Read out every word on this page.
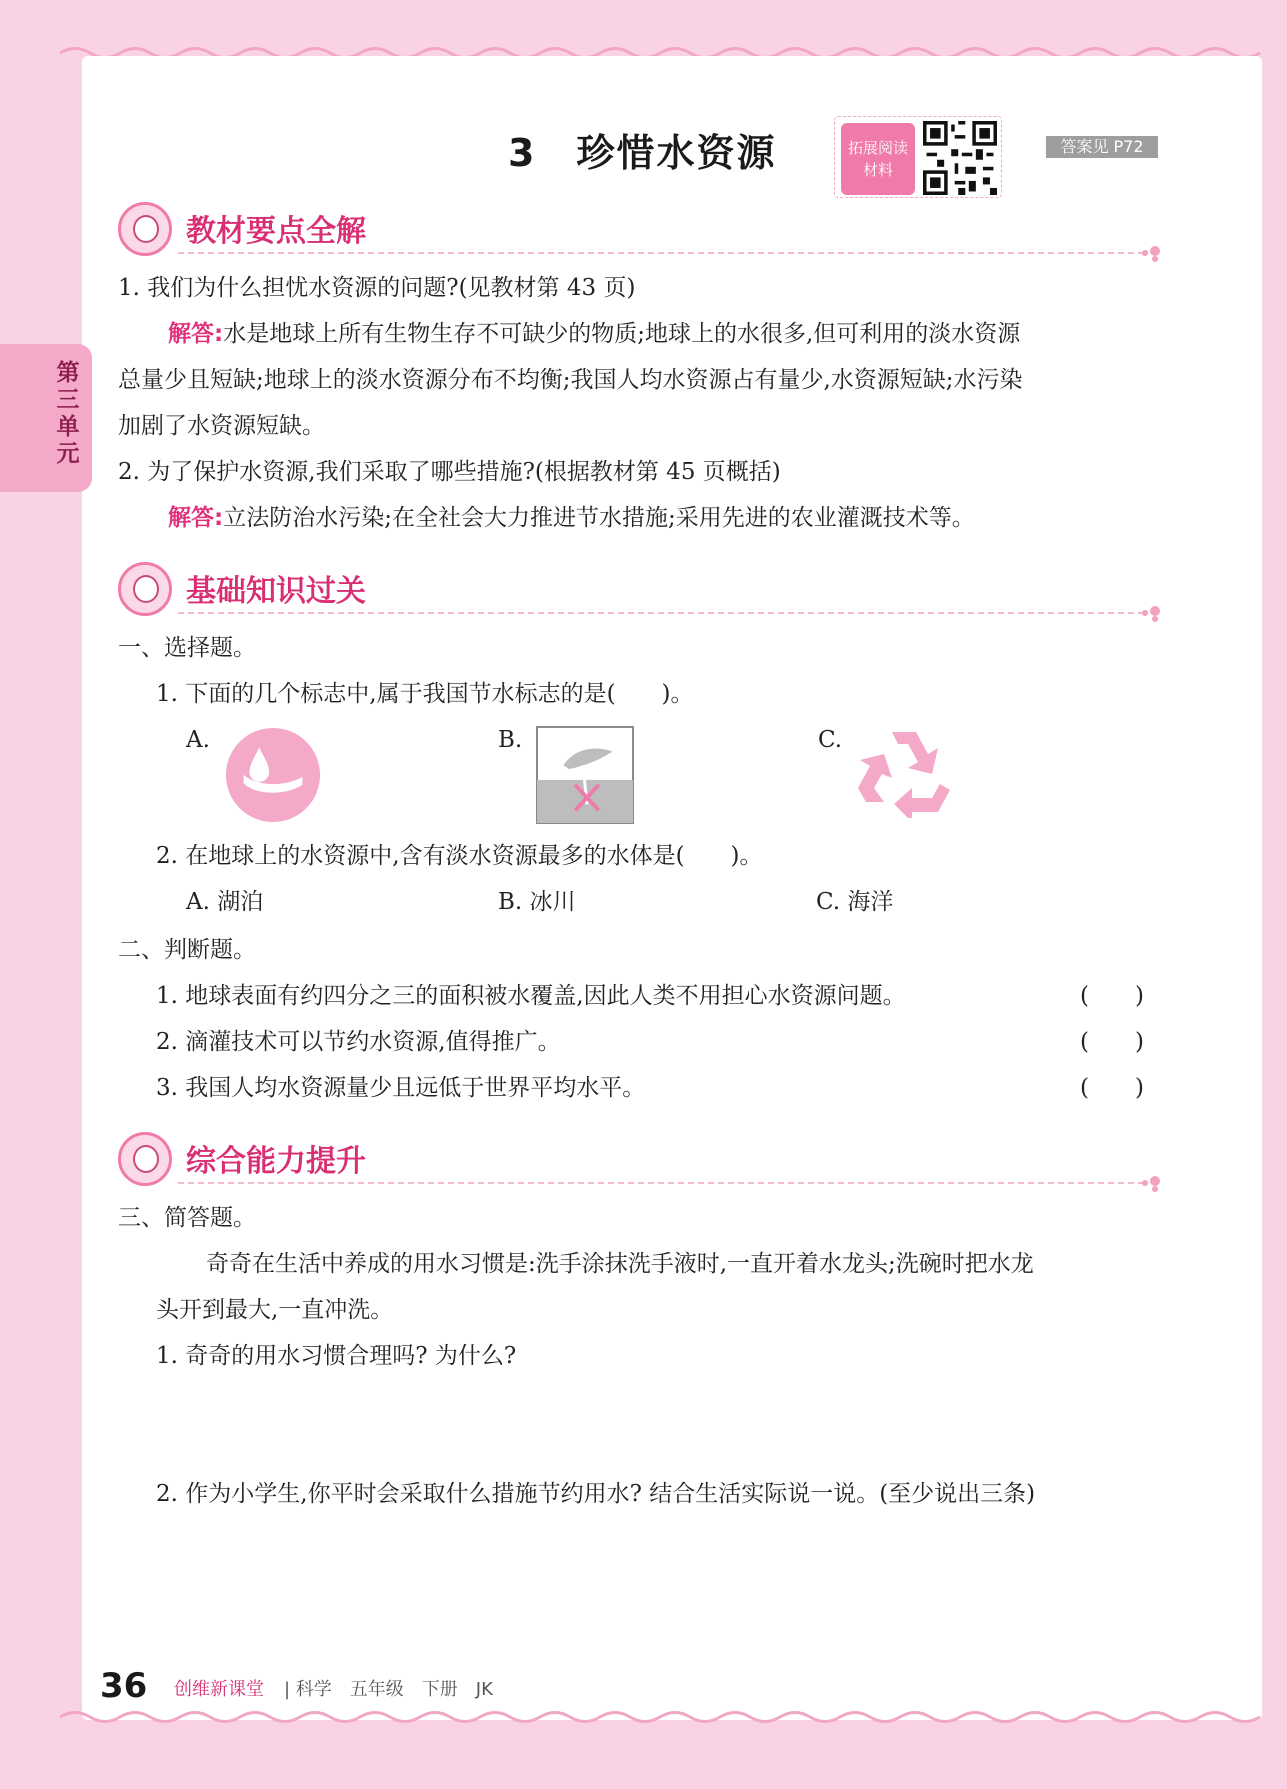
第三单元
3　珍惜水资源	拓展阅读材料
答案见 P72
教材要点全解
1. 我们为什么担忧水资源的问题?(见教材第 43 页)
解答:水是地球上所有生物生存不可缺少的物质;地球上的水很多,但可利用的淡水资源
总量少且短缺;地球上的淡水资源分布不均衡;我国人均水资源占有量少,水资源短缺;水污染
加剧了水资源短缺。
2. 为了保护水资源,我们采取了哪些措施?(根据教材第 45 页概括)
解答:立法防治水污染;在全社会大力推进节水措施;采用先进的农业灌溉技术等。
基础知识过关
一、选择题。
1. 下面的几个标志中,属于我国节水标志的是(　　)。
A.	B.	C.
2. 在地球上的水资源中,含有淡水资源最多的水体是(　　)。
A. 湖泊	B. 冰川	C. 海洋
二、判断题。
1. 地球表面有约四分之三的面积被水覆盖,因此人类不用担心水资源问题。	(　　)
2. 滴灌技术可以节约水资源,值得推广。	(　　)
3. 我国人均水资源量少且远低于世界平均水平。	(　　)
综合能力提升
三、简答题。
奇奇在生活中养成的用水习惯是:洗手涂抹洗手液时,一直开着水龙头;洗碗时把水龙
头开到最大,一直冲洗。
1. 奇奇的用水习惯合理吗? 为什么?
2. 作为小学生,你平时会采取什么措施节约用水? 结合生活实际说一说。(至少说出三条)
36 创维新课堂 | 科学　五年级　下册　JK
